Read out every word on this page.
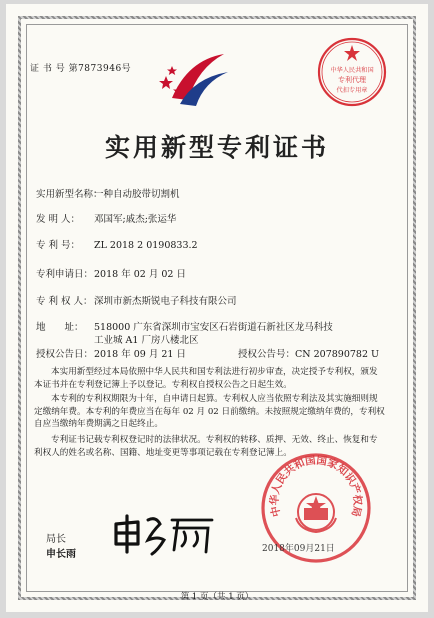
证 书 号 第7873946号	中华人民共和国
专利代理
代扣专用章
实用新型专利证书
实用新型名称：一种自动胶带切割机
发 明 人： 邓国军;戚杰;张运华
专 利 号： ZL 2018 2 0190833.2
专利申请日：2018 年 02 月 02 日
专 利 权 人：深圳市新杰斯锐电子科技有限公司
地　　址： 518000 广东省深圳市宝安区石岩街道石新社区龙马科技
工业城 A1 厂房八楼北区
授权公告日：2018 年 09 月 21 日	授权公告号：CN 207890782 U
本实用新型经过本局依照中华人民共和国专利法进行初步审查，决定授予专利权，颁发
本证书并在专利登记簿上予以登记。专利权自授权公告之日起生效。
本专利的专利权期限为十年，自申请日起算。专利权人应当依照专利法及其实施细则规
定缴纳年费。本专利的年费应当在每年 02 月 02 日前缴纳。未按照规定缴纳年费的，专利权
自应当缴纳年费期满之日起终止。
专利证书记载专利权登记时的法律状况。专利权的转移、质押、无效、终止、恢复和专
利权人的姓名或名称、国籍、地址变更等事项记载在专利登记簿上。
局长
申长雨
中华人民共和国国家知识产权局
2018年09月21日
第 1 页（共 1 页）
